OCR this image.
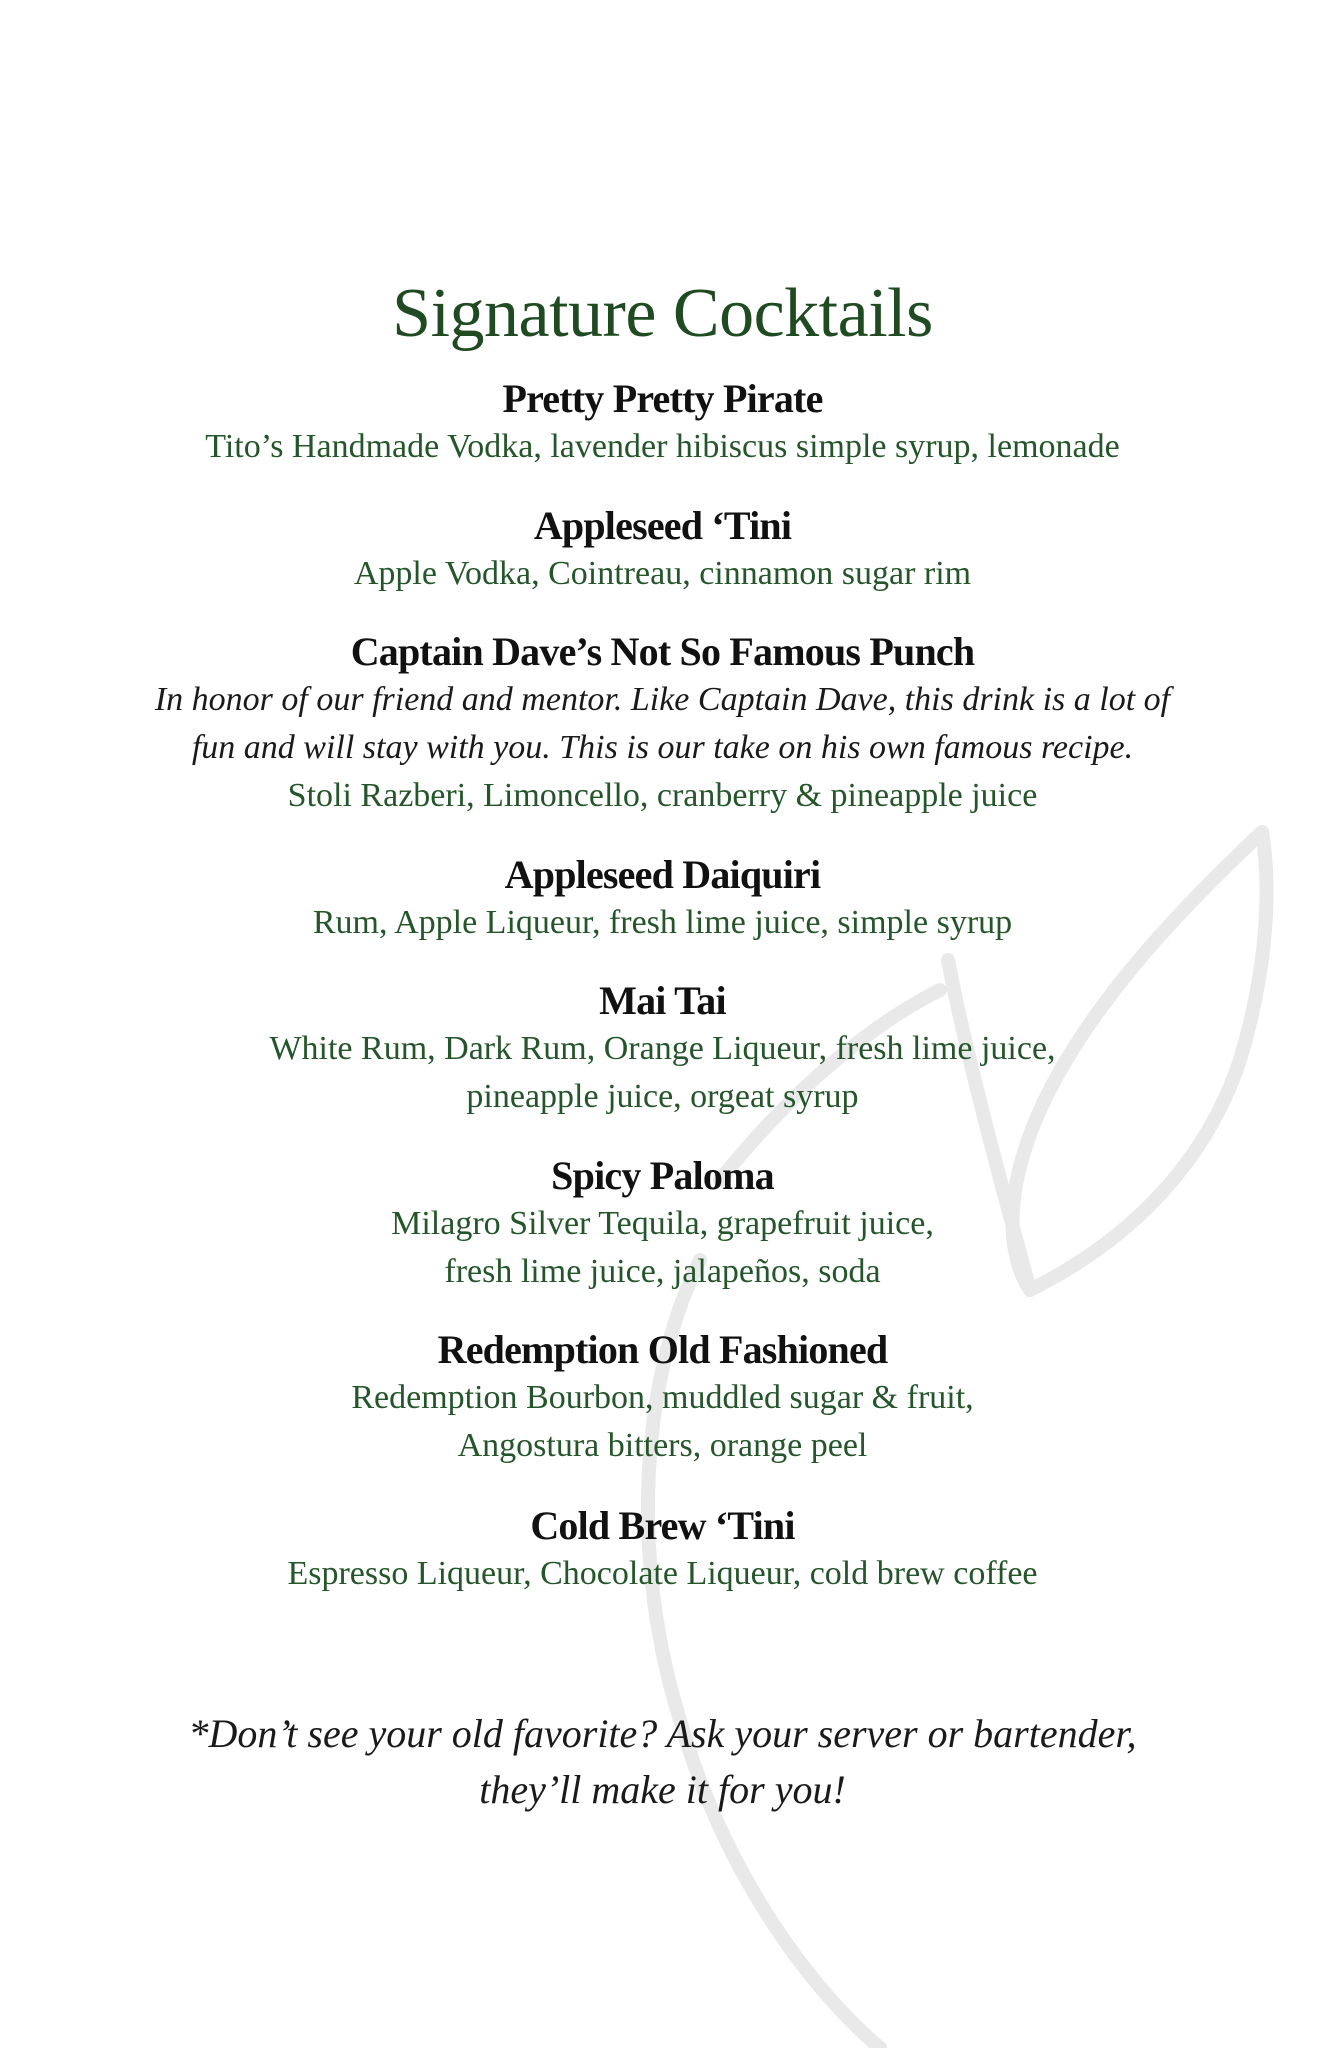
Signature Cocktails
Pretty Pretty Pirate
Tito’s Handmade Vodka, lavender hibiscus simple syrup, lemonade
Appleseed ‘Tini
Apple Vodka, Cointreau, cinnamon sugar rim
Captain Dave’s Not So Famous Punch
In honor of our friend and mentor. Like Captain Dave, this drink is a lot of
fun and will stay with you. This is our take on his own famous recipe.
Stoli Razberi, Limoncello, cranberry & pineapple juice
Appleseed Daiquiri
Rum, Apple Liqueur, fresh lime juice, simple syrup
Mai Tai
White Rum, Dark Rum, Orange Liqueur, fresh lime juice,
pineapple juice, orgeat syrup
Spicy Paloma
Milagro Silver Tequila, grapefruit juice,
fresh lime juice, jalapeños, soda
Redemption Old Fashioned
Redemption Bourbon, muddled sugar & fruit,
Angostura bitters, orange peel
Cold Brew ‘Tini
Espresso Liqueur, Chocolate Liqueur, cold brew coffee
*Don’t see your old favorite? Ask your server or bartender,
they’ll make it for you!
